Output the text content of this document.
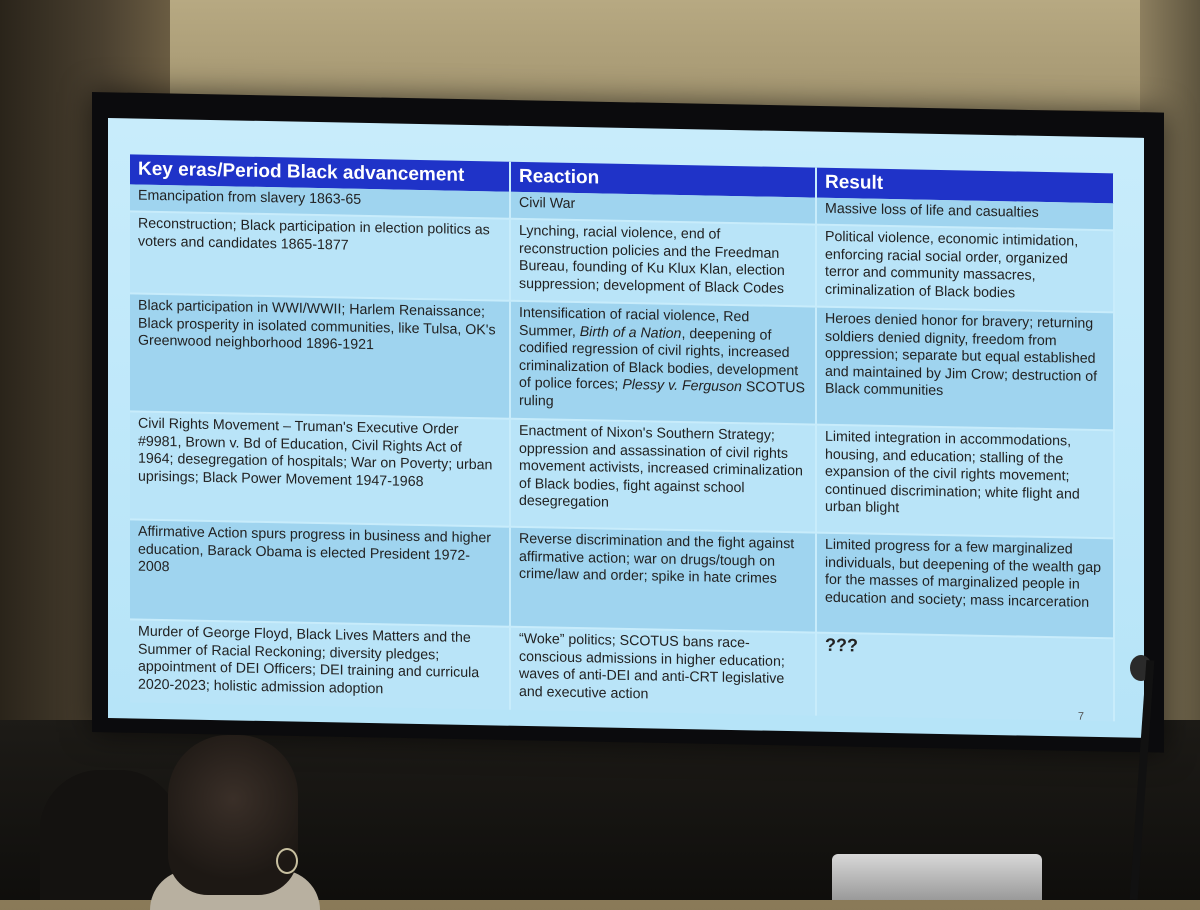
Key eras/Period Black advancement	Reaction	Result
Emancipation from slavery 1863-65	Civil War	Massive loss of life and casualties
Reconstruction; Black participation in election politics as voters and candidates 1865-1877	Lynching, racial violence, end of reconstruction policies and the Freedman Bureau, founding of Ku Klux Klan, election suppression; development of Black Codes	Political violence, economic intimidation, enforcing racial social order, organized terror and community massacres, criminalization of Black bodies
Black participation in WWI/WWII; Harlem Renaissance; Black prosperity in isolated communities, like Tulsa, OK's Greenwood neighborhood 1896-1921	Intensification of racial violence, Red Summer, Birth of a Nation, deepening of codified regression of civil rights, increased criminalization of Black bodies, development of police forces; Plessy v. Ferguson SCOTUS ruling	Heroes denied honor for bravery; returning soldiers denied dignity, freedom from oppression; separate but equal established and maintained by Jim Crow; destruction of Black communities
Civil Rights Movement – Truman's Executive Order #9981, Brown v. Bd of Education, Civil Rights Act of 1964; desegregation of hospitals; War on Poverty; urban uprisings; Black Power Movement 1947-1968	Enactment of Nixon's Southern Strategy; oppression and assassination of civil rights movement activists, increased criminalization of Black bodies, fight against school desegregation	Limited integration in accommodations, housing, and education; stalling of the expansion of the civil rights movement; continued discrimination; white flight and urban blight
Affirmative Action spurs progress in business and higher education, Barack Obama is elected President 1972-2008	Reverse discrimination and the fight against affirmative action; war on drugs/tough on crime/law and order; spike in hate crimes	Limited progress for a few marginalized individuals, but deepening of the wealth gap for the masses of marginalized people in education and society; mass incarceration
Murder of George Floyd, Black Lives Matters and the Summer of Racial Reckoning; diversity pledges; appointment of DEI Officers; DEI training and curricula 2020-2023; holistic admission adoption	“Woke” politics; SCOTUS bans race-conscious admissions in higher education; waves of anti-DEI and anti-CRT legislative and executive action	???
7
